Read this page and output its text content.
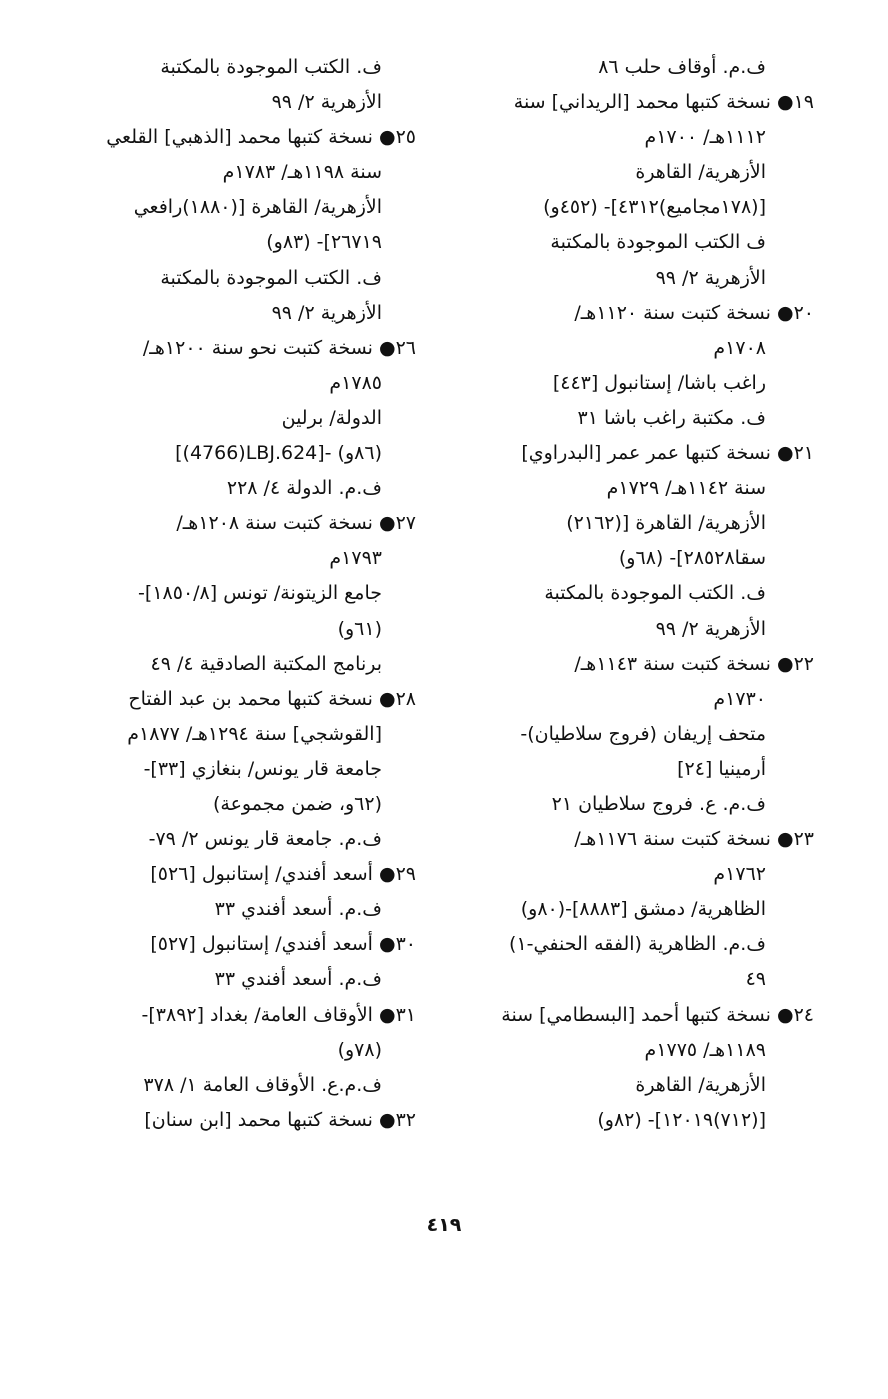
ف.م. أوقاف حلب ٨٦
١٩● نسخة كتبها محمد [الريداني] سنة
١١١٢هـ/ ١٧٠٠م
الأزهرية/ القاهرة
[(١٧٨مجاميع)٤٣١٢]- (٤٥٢و)
ف الكتب الموجودة بالمكتبة
الأزهرية ٢/ ٩٩
٢٠● نسخة كتبت سنة ١١٢٠هـ/
١٧٠٨م
راغب باشا/ إستانبول [٤٤٣]
ف. مكتبة راغب باشا ٣١
٢١● نسخة كتبها عمر عمر [البدراوي]
سنة ١١٤٢هـ/ ١٧٢٩م
الأزهرية/ القاهرة [(٢١٦٢)
سقا٢٨٥٢٨]- (٦٨و)
ف. الكتب الموجودة بالمكتبة
الأزهرية ٢/ ٩٩
٢٢● نسخة كتبت سنة ١١٤٣هـ/
١٧٣٠م
متحف إريفان (فروج سلاطيان)-
أرمينيا [٢٤]
ف.م. ع. فروج سلاطيان ٢١
٢٣● نسخة كتبت سنة ١١٧٦هـ/
١٧٦٢م
الظاهرية/ دمشق [٨٨٨٣]-(٨٠و)
ف.م. الظاهرية (الفقه الحنفي-١)
٤٩
٢٤● نسخة كتبها أحمد [البسطامي] سنة
١١٨٩هـ/ ١٧٧٥م
الأزهرية/ القاهرة
[(٧١٢)١٢٠١٩]- (٨٢و)
ف. الكتب الموجودة بالمكتبة
الأزهرية ٢/ ٩٩
٢٥● نسخة كتبها محمد [الذهبي] القلعي
سنة ١١٩٨هـ/ ١٧٨٣م
الأزهرية/ القاهرة [(١٨٨٠)رافعي
٢٦٧١٩]- (٨٣و)
ف. الكتب الموجودة بالمكتبة
الأزهرية ٢/ ٩٩
٢٦● نسخة كتبت نحو سنة ١٢٠٠هـ/
١٧٨٥م
الدولة/ برلين
[(4766)LBJ.624]- (٨٦و)
ف.م. الدولة ٤/ ٢٢٨
٢٧● نسخة كتبت سنة ١٢٠٨هـ/
١٧٩٣م
جامع الزيتونة/ تونس [١٨٥٠/٨]-
(٦١و)
برنامج المكتبة الصادقية ٤/ ٤٩
٢٨● نسخة كتبها محمد بن عبد الفتاح
[القوشجي] سنة ١٢٩٤هـ/ ١٨٧٧م
جامعة قار يونس/ بنغازي [٣٣]-
(٦٢و، ضمن مجموعة)
ف.م. جامعة قار يونس ٢/ ٧٩-
٢٩● أسعد أفندي/ إستانبول [٥٢٦]
ف.م. أسعد أفندي ٣٣
٣٠● أسعد أفندي/ إستانبول [٥٢٧]
ف.م. أسعد أفندي ٣٣
٣١● الأوقاف العامة/ بغداد [٣٨٩٢]-
(٧٨و)
ف.م.ع. الأوقاف العامة ١/ ٣٧٨
٣٢● نسخة كتبها محمد [ابن سنان]
٤١٩
